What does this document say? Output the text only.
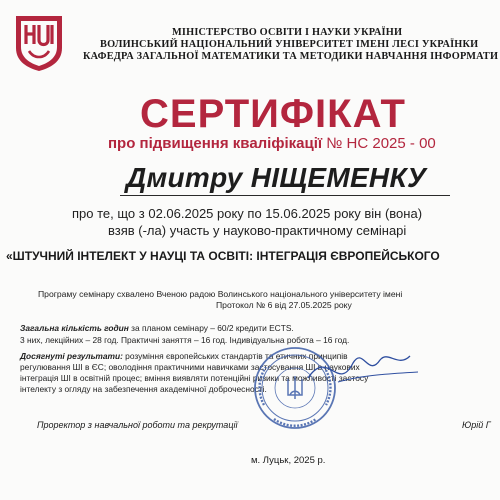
МІНІСТЕРСТВО ОСВІТИ І НАУКИ УКРАЇНИ
ВОЛИНСЬКИЙ НАЦІОНАЛЬНИЙ УНІВЕРСИТЕТ ІМЕНІ ЛЕСІ УКРАЇНКИ
КАФЕДРА ЗАГАЛЬНОЇ МАТЕМАТИКИ ТА МЕТОДИКИ НАВЧАННЯ ІНФОРМАТИ
СЕРТИФІКАТ
про підвищення кваліфікації № НС 2025 - 00
Дмитру НІЩЕМЕНКУ
про те, що з 02.06.2025 року по 15.06.2025 року він (вона)
взяв (-ла) участь у науково-практичному семінарі
«ШТУЧНИЙ ІНТЕЛЕКТ У НАУЦІ ТА ОСВІТІ: ІНТЕГРАЦІЯ ЄВРОПЕЙСЬКОГО
Програму семінару схвалено Вченою радою Волинського національного університету імені
Протокол № 6 від 27.05.2025 року
Загальна кількість годин за планом семінару – 60/2 кредити ECTS.
3 них, лекційних – 28 год. Практичні заняття – 16 год. Індивідуальна робота – 16 год.
Досягнуті результати: розуміння європейських стандартів та етичних принципів
регулювання ШІ в ЄС; оволодіння практичними навичками застосування ШІ в наукових
інтеграція ШІ в освітній процес; вміння виявляти потенційні ризики та можливості застосу
інтелекту з огляду на забезпечення академічної доброчесності.
Проректор з навчальної роботи та рекрутації	Юрій Г
м. Луцьк, 2025 р.
